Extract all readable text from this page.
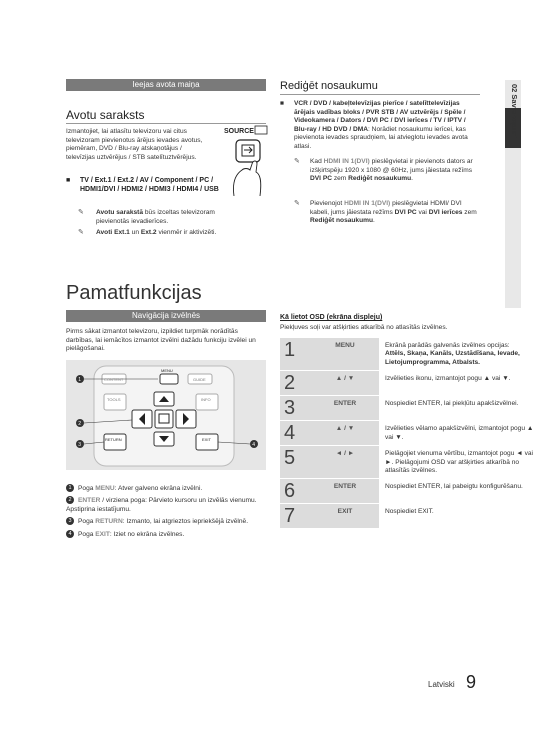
02 Savienojumi
Ieejas avota maiņa
Avotu saraksts
Izmantojiet, lai atlasītu televizoru vai citus televizoram pievienotus ārējus ievades avotus, piemēram, DVD / Blu-ray atskaņotājus / televīzijas uztvērējus / STB satelītuztvērējus.
SOURCE
■ TV / Ext.1 / Ext.2 / AV / Component / PC / HDMI1/DVI / HDMI2 / HDMI3 / HDMI4 / USB
✎	Avotu sarakstā būs izceltas televizoram pievienotās ievadierīces.
✎	Avoti Ext.1 un Ext.2 vienmēr ir aktivizēti.
Rediģēt nosaukumu
■ VCR / DVD / kabeļtelevīzijas pierīce / satelīttelevīzijas ārējais vadības bloks / PVR STB / AV uztvērējs / Spēle / Videokamera / Dators / DVI PC / DVI ierīces / TV / IPTV / Blu-ray / HD DVD / DMA: Norādiet nosaukumu ierīcei, kas pievienota ievades spraudņiem, lai atvieglotu ievades avota atlasi.
✎	Kad HDMI IN 1(DVI) pieslēgvietai ir pievienots dators ar izšķirtspēju 1920 x 1080 @ 60Hz, jums jāiestata režīms DVI PC zem Rediģēt nosaukumu.
✎	Pievienojot HDMI IN 1(DVI) pieslēgvietai HDMI/ DVI kabeli, jums jāiestata režīms DVI PC vai DVI ierīces zem Rediģēt nosaukumu.
Pamatfunkcijas
Navigācija izvēlnēs
Pirms sākat izmantot televizoru, izpildiet turpmāk norādītās darbības, lai iemācītos izmantot izvēlni dažādu funkciju izvēlei un pielāgošanai.
CONTENT
MENU
GUIDE
TOOLS	INFO
RETURN	EXIT
1
2
3	4
1 Poga MENU: Atver galveno ekrāna izvēlni.
2 ENTER / virziena poga: Pārvieto kursoru un izvēlās vienumu. Apstiprina iestatījumu.
3 Poga RETURN: Izmanto, lai atgrieztos iepriekšējā izvēlnē.
4 Poga EXIT: Iziet no ekrāna izvēlnes.
Kā lietot OSD (ekrāna displeju)
Piekļuves soļi var atšķirties atkarībā no atlasītās izvēlnes.
1	MENU	Ekrānā parādās galvenās izvēlnes opcijas:
Attēls, Skaņa, Kanāls, Uzstādīšana, Ievade, Lietojumprogramma, Atbalsts.
2	▲ / ▼	Izvēlieties ikonu, izmantojot pogu ▲ vai ▼.
3	ENTER	Nospiediet ENTER, lai piekļūtu apakšizvēlnei.
4	▲ / ▼	Izvēlieties vēlamo apakšizvēlni, izmantojot pogu ▲ vai ▼.
5	◄ / ►	Pielāgojiet vienuma vērtību, izmantojot pogu ◄ vai ►. Pielāgojumi OSD var atšķirties atkarībā no atlasītās izvēlnes.
6	ENTER	Nospiediet ENTER, lai pabeigtu konfigurēšanu.
7	EXIT	Nospiediet EXIT.
Latviski 9
